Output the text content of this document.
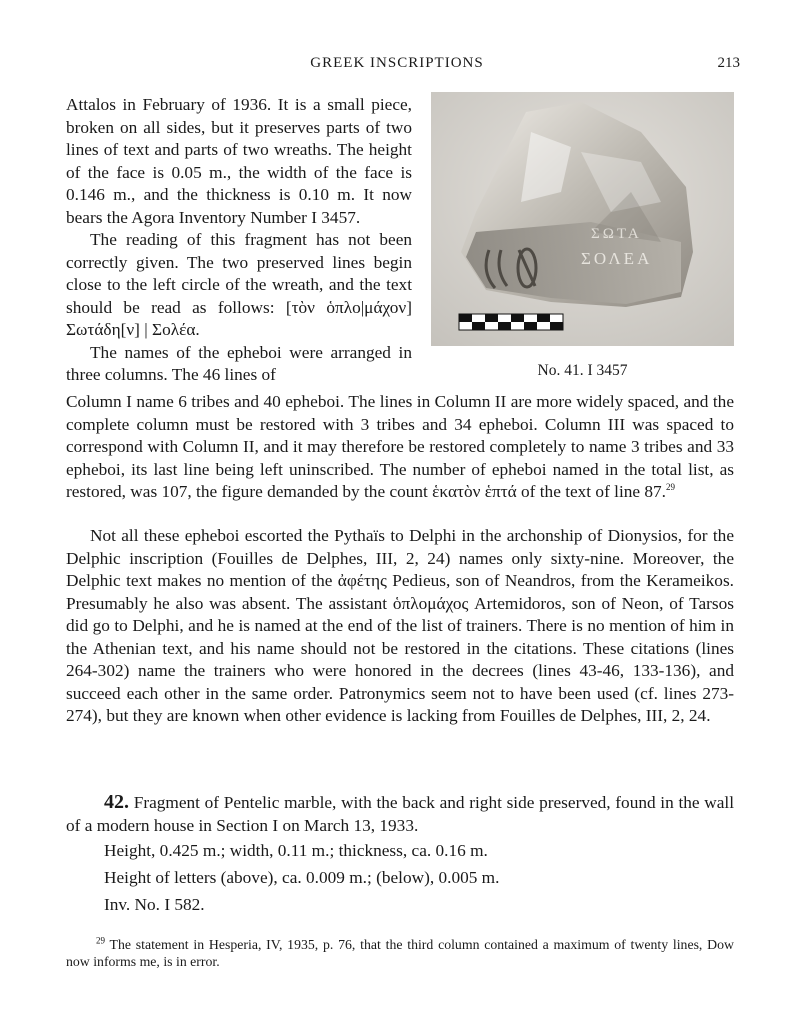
GREEK INSCRIPTIONS	213

Attalos in February of 1936. It is a small piece, broken on all sides, but it preserves parts of two lines of text and parts of two wreaths. The height of the face is 0.05 m., the width of the face is 0.146 m., and the thickness is 0.10 m. It now bears the Agora Inventory Number I 3457.

The reading of this fragment has not been correctly given. The two preserved lines begin close to the left circle of the wreath, and the text should be read as follows: [τὸν ὁπλο|μάχον] Σωτάδη[ν] | Σολέα.

The names of the epheboi were arranged in three columns. The 46 lines of

ΣΩΤΑ
ΣΟΛΕΑ
No. 41. I 3457
Column I name 6 tribes and 40 epheboi. The lines in Column II are more widely spaced, and the complete column must be restored with 3 tribes and 34 epheboi. Column III was spaced to correspond with Column II, and it may therefore be restored completely to name 3 tribes and 33 epheboi, its last line being left uninscribed. The number of epheboi named in the total list, as restored, was 107, the figure demanded by the count ἑκατὸν ἑπτά of the text of line 87.29
Not all these epheboi escorted the Pythaïs to Delphi in the archonship of Dionysios, for the Delphic inscription (Fouilles de Delphes, III, 2, 24) names only sixty-nine. Moreover, the Delphic text makes no mention of the ἀφέτης Pedieus, son of Neandros, from the Kerameikos. Presumably he also was absent. The assistant ὁπλομάχος Artemidoros, son of Neon, of Tarsos did go to Delphi, and he is named at the end of the list of trainers. There is no mention of him in the Athenian text, and his name should not be restored in the citations. These citations (lines 264-302) name the trainers who were honored in the decrees (lines 43-46, 133-136), and succeed each other in the same order. Patronymics seem not to have been used (cf. lines 273-274), but they are known when other evidence is lacking from Fouilles de Delphes, III, 2, 24.
42. Fragment of Pentelic marble, with the back and right side preserved, found in the wall of a modern house in Section I on March 13, 1933.
Height, 0.425 m.; width, 0.11 m.; thickness, ca. 0.16 m.
Height of letters (above), ca. 0.009 m.; (below), 0.005 m.
Inv. No. I 582.
$^{29}$ The statement in Hesperia, IV, 1935, p. 76, that the third column contained a maximum of twenty lines, Dow now informs me, is in error.
